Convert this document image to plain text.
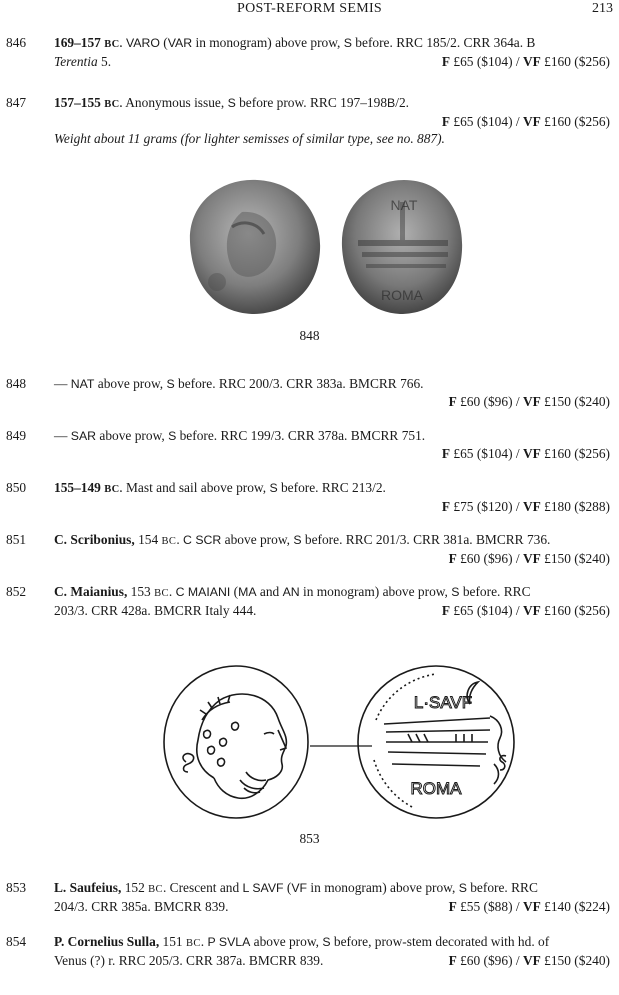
POST-REFORM SEMIS	213
846	169–157 BC. VARO (VAR in monogram) above prow, S before. RRC 185/2. CRR 364a. B
Terentia 5.	F £65 ($104) / VF £160 ($256)
847	157–155 BC. Anonymous issue, S before prow. RRC 197–198B/2.
F £65 ($104) / VF £160 ($256)
Weight about 11 grams (for lighter semisses of similar type, see no. 887).
NAT
ROMA
848
848	— NAT above prow, S before. RRC 200/3. CRR 383a. BMCRR 766.
F £60 ($96) / VF £150 ($240)
849	— SAR above prow, S before. RRC 199/3. CRR 378a. BMCRR 751.
F £65 ($104) / VF £160 ($256)
850	155–149 BC. Mast and sail above prow, S before. RRC 213/2.
F £75 ($120) / VF £180 ($288)
851	C. Scribonius, 154 BC. C SCR above prow, S before. RRC 201/3. CRR 381a. BMCRR 736.
F £60 ($96) / VF £150 ($240)
852	C. Maianius, 153 BC. C MAIANI (MA and AN in monogram) above prow, S before. RRC
203/3. CRR 428a. BMCRR Italy 444.	F £65 ($104) / VF £160 ($256)
L·SAVF
ROMA
853
853	L. Saufeius, 152 BC. Crescent and L SAVF (VF in monogram) above prow, S before. RRC
204/3. CRR 385a. BMCRR 839.	F £55 ($88) / VF £140 ($224)
854	P. Cornelius Sulla, 151 BC. P SVLA above prow, S before, prow-stem decorated with hd. of
Venus (?) r. RRC 205/3. CRR 387a. BMCRR 839.	F £60 ($96) / VF £150 ($240)
